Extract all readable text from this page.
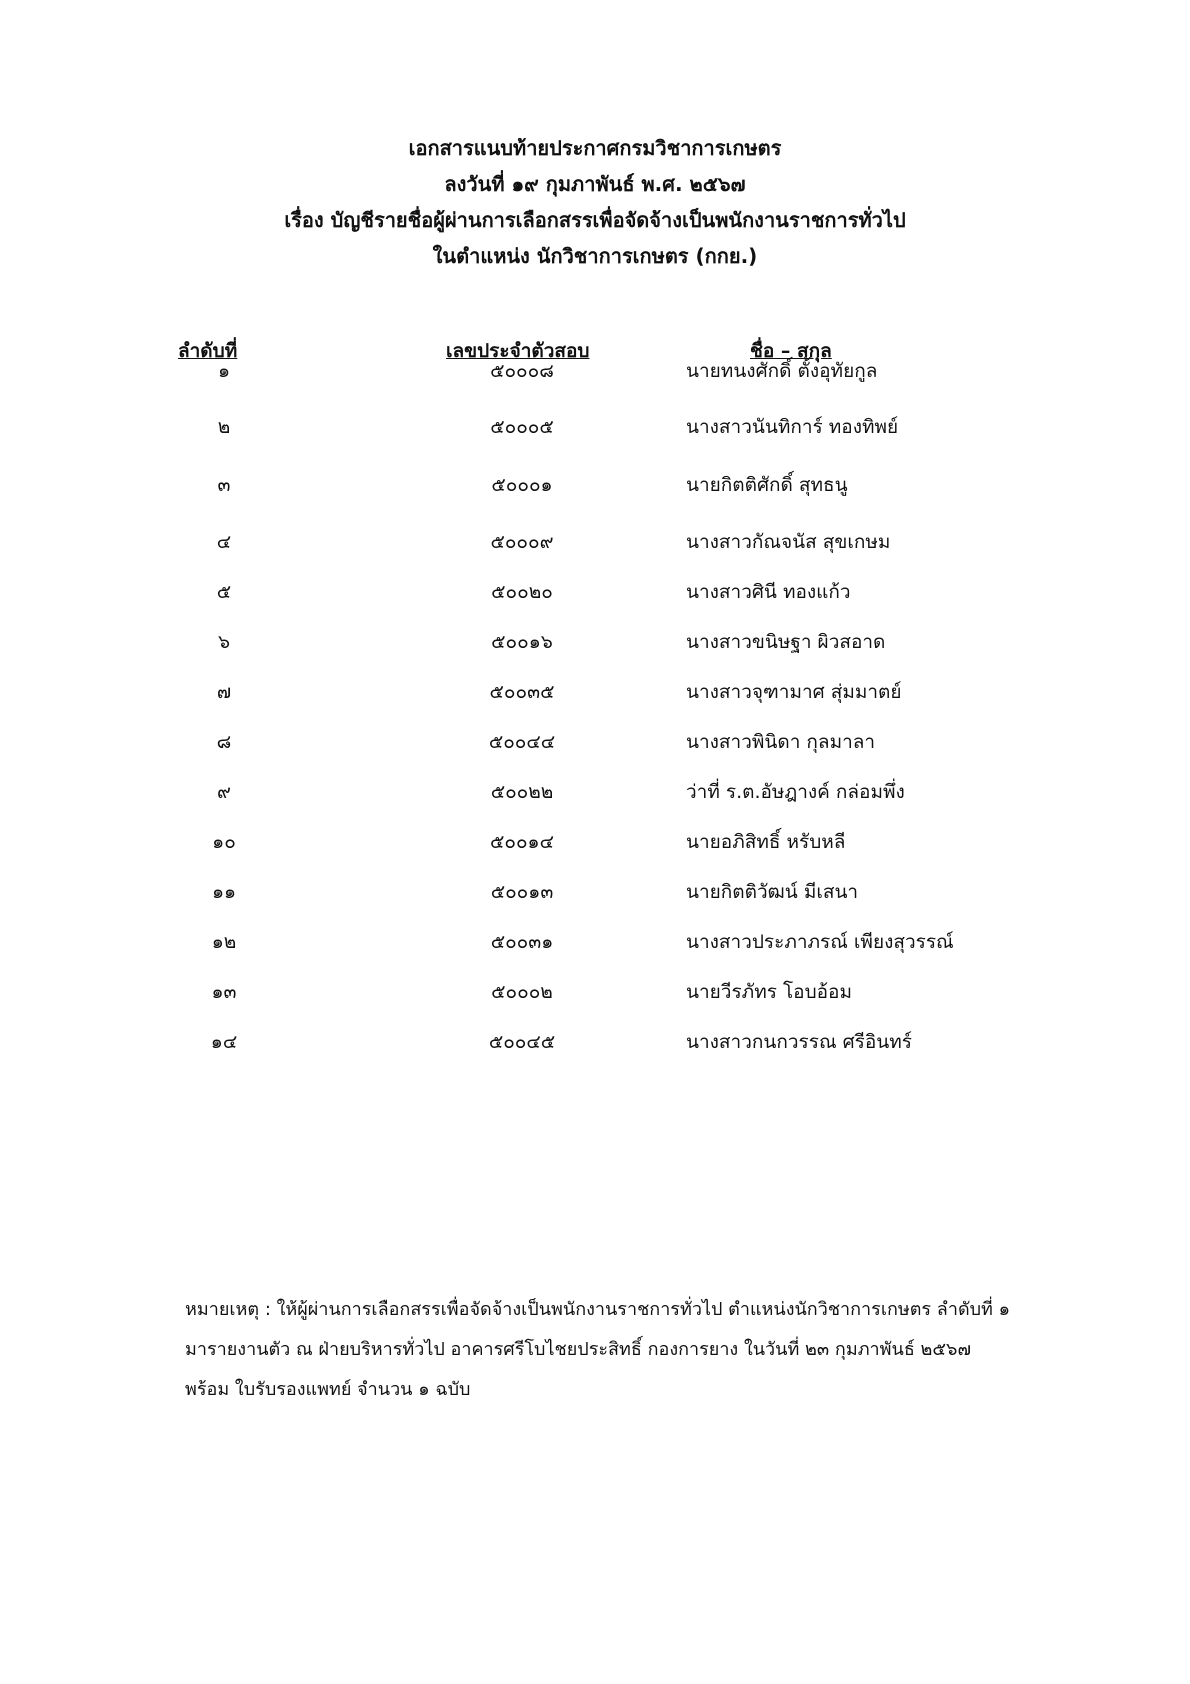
เอกสารแนบท้ายประกาศกรมวิชาการเกษตร
ลงวันที่ ๑๙ กุมภาพันธ์ พ.ศ. ๒๕๖๗
เรื่อง บัญชีรายชื่อผู้ผ่านการเลือกสรรเพื่อจัดจ้างเป็นพนักงานราชการทั่วไป
ในตำแหน่ง นักวิชาการเกษตร (กกย.)
ลำดับที่	เลขประจำตัวสอบ	ชื่อ – สกุล
๑	๕๐๐๐๘	นายทนงศักดิ์ ตั้งอุทัยกูล
๒	๕๐๐๐๕	นางสาวนันทิการ์ ทองทิพย์
๓	๕๐๐๐๑	นายกิตติศักดิ์ สุทธนู
๔	๕๐๐๐๙	นางสาวกัณจนัส สุขเกษม
๕	๕๐๐๒๐	นางสาวศินี ทองแก้ว
๖	๕๐๐๑๖	นางสาวขนิษฐา ผิวสอาด
๗	๕๐๐๓๕	นางสาวจุฑามาศ สุ่มมาตย์
๘	๕๐๐๔๔	นางสาวพินิดา กุลมาลา
๙	๕๐๐๒๒	ว่าที่ ร.ต.อัษฎางค์ กล่อมพึ่ง
๑๐	๕๐๐๑๔	นายอภิสิทธิ์ หรับหลี
๑๑	๕๐๐๑๓	นายกิตติวัฒน์ มีเสนา
๑๒	๕๐๐๓๑	นางสาวประภาภรณ์ เพียงสุวรรณ์
๑๓	๕๐๐๐๒	นายวีรภัทร โอบอ้อม
๑๔	๕๐๐๔๕	นางสาวกนกวรรณ ศรีอินทร์
หมายเหตุ : ให้ผู้ผ่านการเลือกสรรเพื่อจัดจ้างเป็นพนักงานราชการทั่วไป ตำแหน่งนักวิชาการเกษตร ลำดับที่ ๑
มารายงานตัว ณ ฝ่ายบริหารทั่วไป อาคารศรีโบไชยประสิทธิ์ กองการยาง ในวันที่ ๒๓ กุมภาพันธ์ ๒๕๖๗
พร้อม ใบรับรองแพทย์ จำนวน ๑ ฉบับ
